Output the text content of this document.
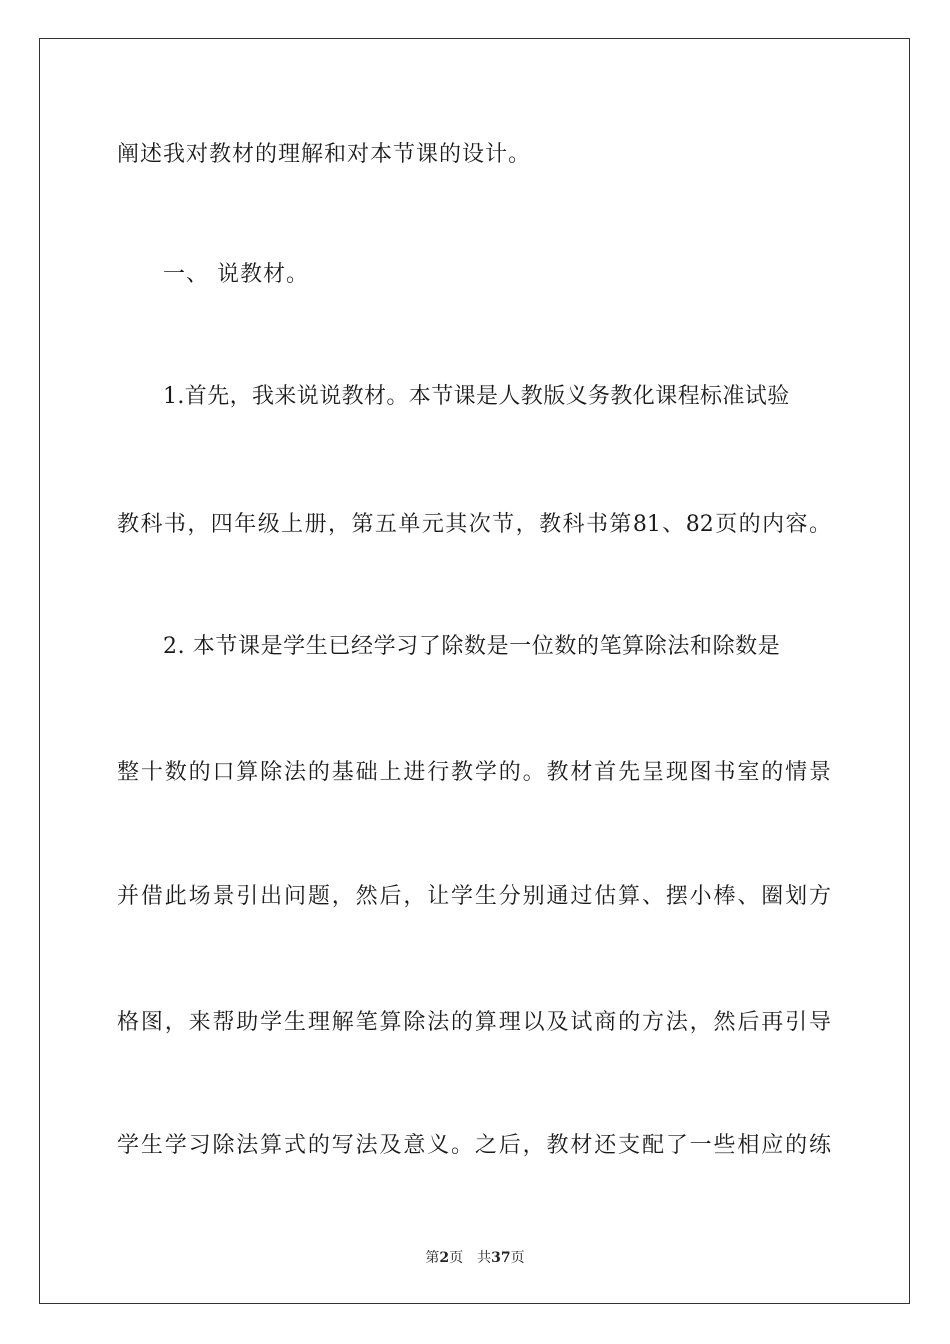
阐述我对教材的理解和对本节课的设计。
一、 说教材。
1.首先，我来说说教材。本节课是人教版义务教化课程标准试验
教科书，四年级上册，第五单元其次节，教科书第81、82页的内容。
2. 本节课是学生已经学习了除数是一位数的笔算除法和除数是
整十数的口算除法的基础上进行教学的。教材首先呈现图书室的情景
并借此场景引出问题，然后，让学生分别通过估算、摆小棒、圈划方
格图，来帮助学生理解笔算除法的算理以及试商的方法，然后再引导
学生学习除法算式的写法及意义。之后，教材还支配了一些相应的练
第2页 共37页
